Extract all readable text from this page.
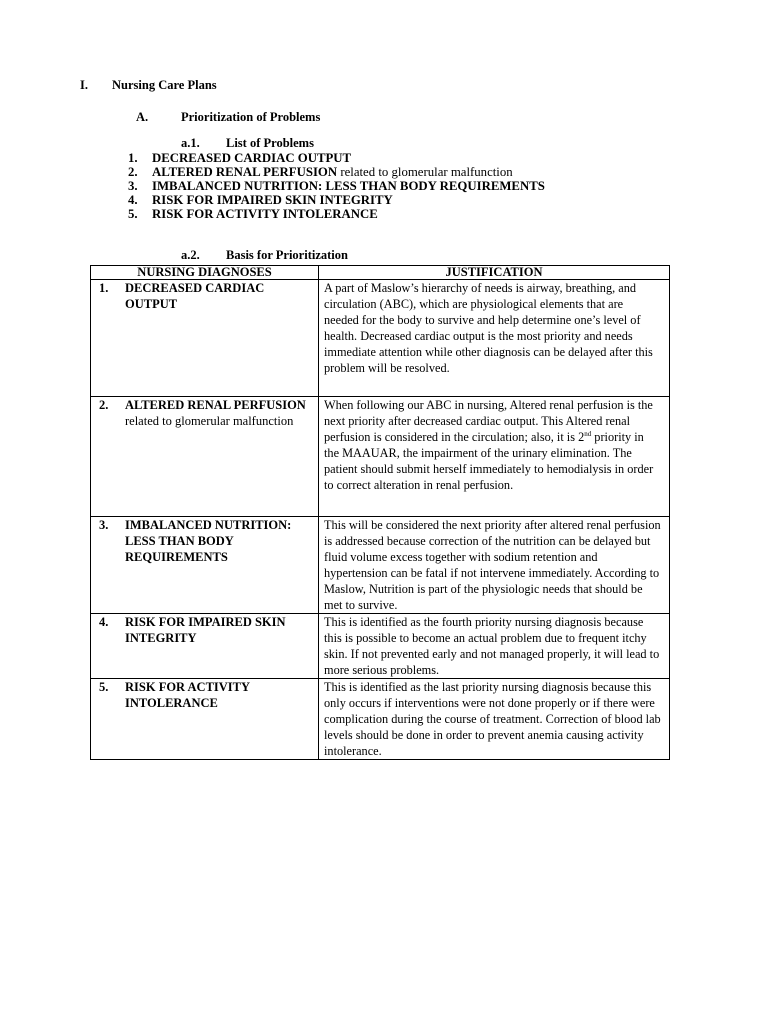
I. Nursing Care Plans
A.	Prioritization of Problems
a.1. List of Problems
1.	DECREASED CARDIAC OUTPUT
2.	ALTERED RENAL PERFUSION related to glomerular malfunction
3.	IMBALANCED NUTRITION: LESS THAN BODY REQUIREMENTS
4.	RISK FOR IMPAIRED SKIN INTEGRITY
5.	RISK FOR ACTIVITY INTOLERANCE
a.2. Basis for Prioritization
NURSING DIAGNOSES	JUSTIFICATION

1. DECREASED CARDIAC OUTPUT	A part of Maslow’s hierarchy of needs is airway, breathing, and circulation (ABC), which are physiological elements that are needed for the body to survive and help determine one’s level of health. Decreased cardiac output is the most priority and needs immediate attention while other diagnosis can be delayed after this problem will be resolved.

2. ALTERED RENAL PERFUSION related to glomerular malfunction	When following our ABC in nursing, Altered renal perfusion is the next priority after decreased cardiac output. This Altered renal perfusion is considered in the circulation; also, it is 2nd priority in the MAAUAR, the impairment of the urinary elimination. The patient should submit herself immediately to hemodialysis in order to correct alteration in renal perfusion.

3. IMBALANCED NUTRITION: LESS THAN BODY REQUIREMENTS	This will be considered the next priority after altered renal perfusion is addressed because correction of the nutrition can be delayed but fluid volume excess together with sodium retention and hypertension can be fatal if not intervene immediately. According to Maslow, Nutrition is part of the physiologic needs that should be met to survive.

4. RISK FOR IMPAIRED SKIN INTEGRITY	This is identified as the fourth priority nursing diagnosis because this is possible to become an actual problem due to frequent itchy skin. If not prevented early and not managed properly, it will lead to more serious problems.

5. RISK FOR ACTIVITY INTOLERANCE	This is identified as the last priority nursing diagnosis because this only occurs if interventions were not done properly or if there were complication during the course of treatment. Correction of blood lab levels should be done in order to prevent anemia causing activity intolerance.
